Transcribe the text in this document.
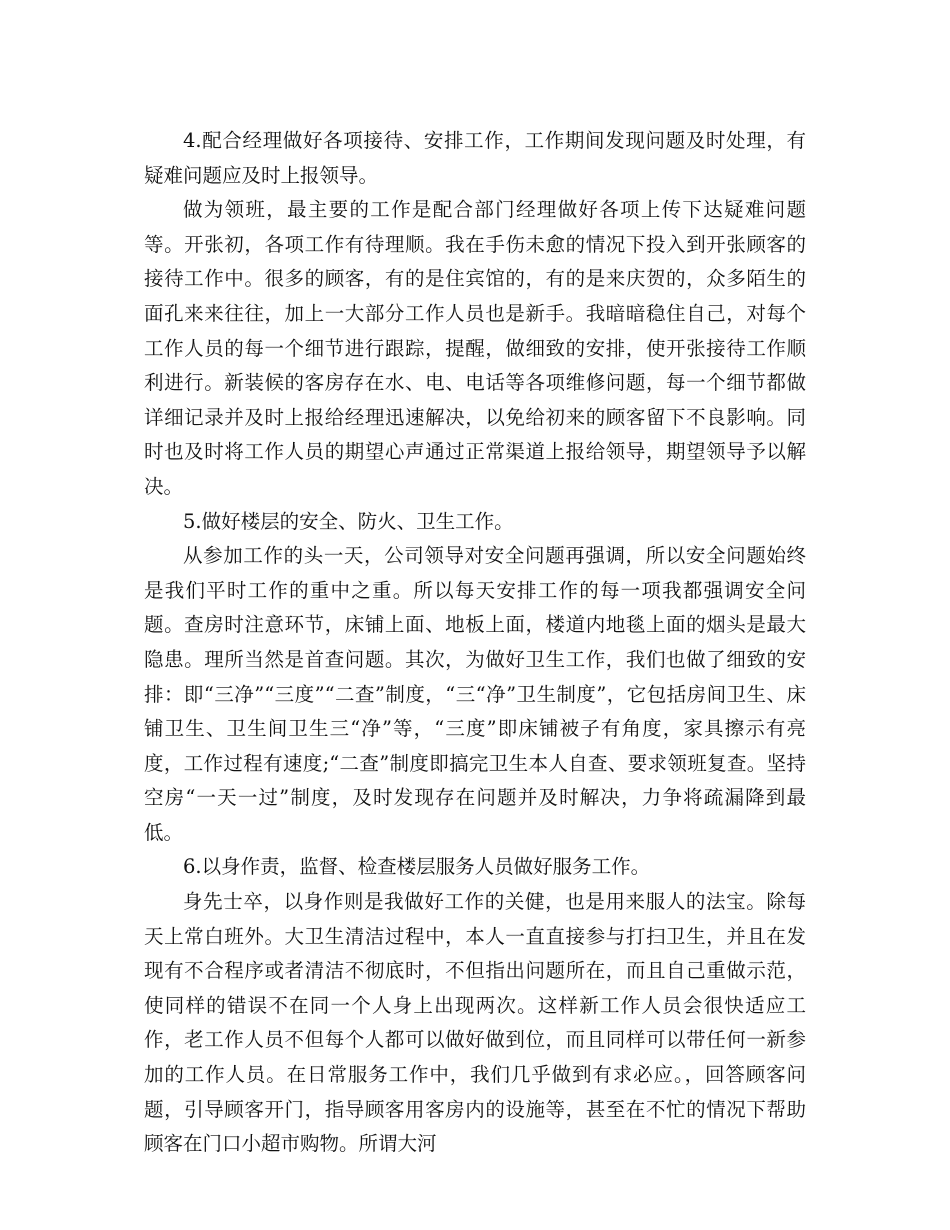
4.配合经理做好各项接待、安排工作，工作期间发现问题及时处理，有疑难问题应及时上报领导。

做为领班，最主要的工作是配合部门经理做好各项上传下达疑难问题等。开张初，各项工作有待理顺。我在手伤未愈的情况下投入到开张顾客的接待工作中。很多的顾客，有的是住宾馆的，有的是来庆贺的，众多陌生的面孔来来往往，加上一大部分工作人员也是新手。我暗暗稳住自己，对每个工作人员的每一个细节进行跟踪，提醒，做细致的安排，使开张接待工作顺利进行。新装候的客房存在水、电、电话等各项维修问题，每一个细节都做详细记录并及时上报给经理迅速解决，以免给初来的顾客留下不良影响。同时也及时将工作人员的期望心声通过正常渠道上报给领导，期望领导予以解决。

5.做好楼层的安全、防火、卫生工作。

从参加工作的头一天，公司领导对安全问题再强调，所以安全问题始终是我们平时工作的重中之重。所以每天安排工作的每一项我都强调安全问题。查房时注意环节，床铺上面、地板上面，楼道内地毯上面的烟头是最大隐患。理所当然是首查问题。其次，为做好卫生工作，我们也做了细致的安排：即“三净”“三度”“二查”制度，“三“净”卫生制度”，它包括房间卫生、床铺卫生、卫生间卫生三“净”等，“三度”即床铺被子有角度，家具擦示有亮度，工作过程有速度;“二查”制度即搞完卫生本人自查、要求领班复查。坚持空房“一天一过”制度，及时发现存在问题并及时解决，力争将疏漏降到最低。

6.以身作责，监督、检查楼层服务人员做好服务工作。

身先士卒，以身作则是我做好工作的关健，也是用来服人的法宝。除每天上常白班外。大卫生清洁过程中，本人一直直接参与打扫卫生，并且在发现有不合程序或者清洁不彻底时，不但指出问题所在，而且自己重做示范，使同样的错误不在同一个人身上出现两次。这样新工作人员会很快适应工作，老工作人员不但每个人都可以做好做到位，而且同样可以带任何一新参加的工作人员。在日常服务工作中，我们几乎做到有求必应。，回答顾客问题，引导顾客开门，指导顾客用客房内的设施等，甚至在不忙的情况下帮助顾客在门口小超市购物。所谓大河
